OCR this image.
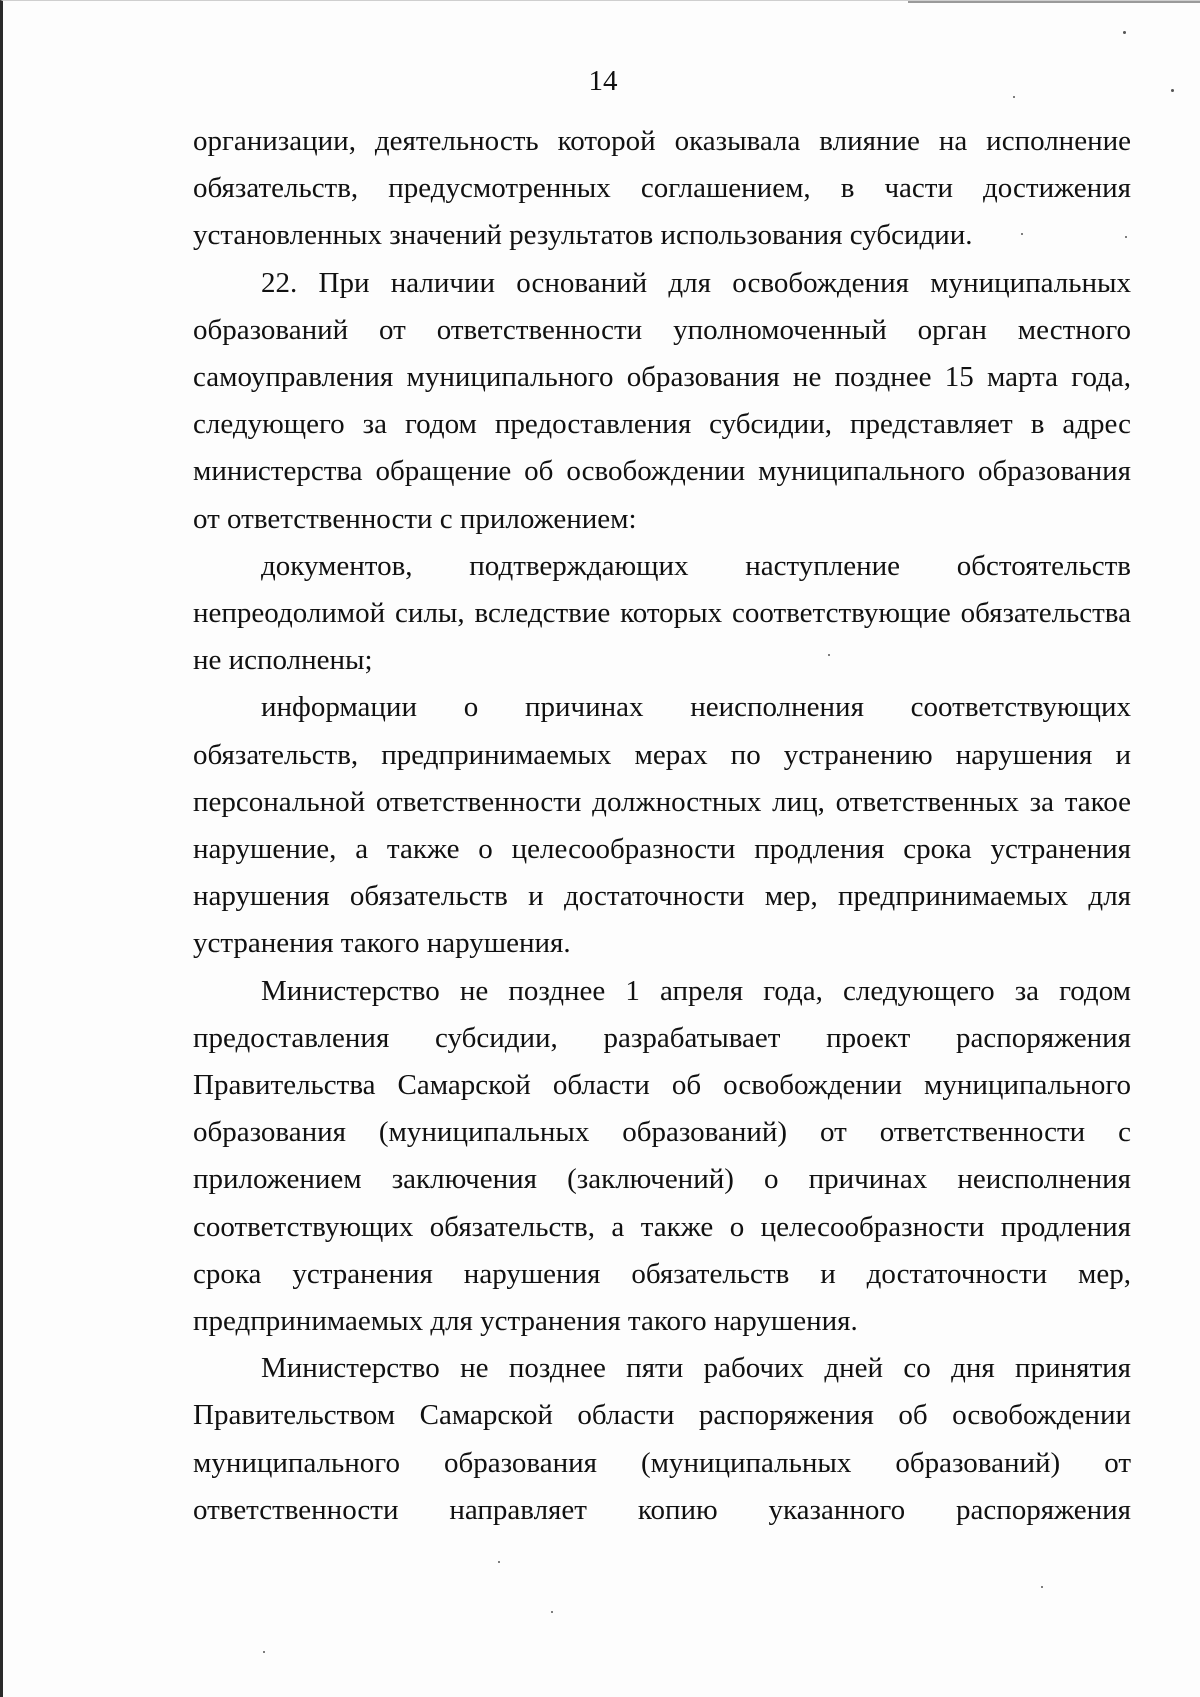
14

организации, деятельность которой оказывала влияние на исполнение обязательств, предусмотренных соглашением, в части достижения установленных значений результатов использования субсидии.

22. При наличии оснований для освобождения муниципальных образований от ответственности уполномоченный орган местного самоуправления муниципального образования не позднее 15 марта года, следующего за годом предоставления субсидии, представляет в адрес министерства обращение об освобождении муниципального образования от ответственности с приложением:

документов, подтверждающих наступление обстоятельств непреодолимой силы, вследствие которых соответствующие обязательства не исполнены;

информации о причинах неисполнения соответствующих обязательств, предпринимаемых мерах по устранению нарушения и персональной ответственности должностных лиц, ответственных за такое нарушение, а также о целесообразности продления срока устранения нарушения обязательств и достаточности мер, предпринимаемых для устранения такого нарушения.

Министерство не позднее 1 апреля года, следующего за годом предоставления субсидии, разрабатывает проект распоряжения Правительства Самарской области об освобождении муниципального образования (муниципальных образований) от ответственности с приложением заключения (заключений) о причинах неисполнения соответствующих обязательств, а также о целесообразности продления срока устранения нарушения обязательств и достаточности мер, предпринимаемых для устранения такого нарушения.

Министерство не позднее пяти рабочих дней со дня принятия Правительством Самарской области распоряжения об освобождении муниципального образования (муниципальных образований) от ответственности направляет копию указанного распоряжения
